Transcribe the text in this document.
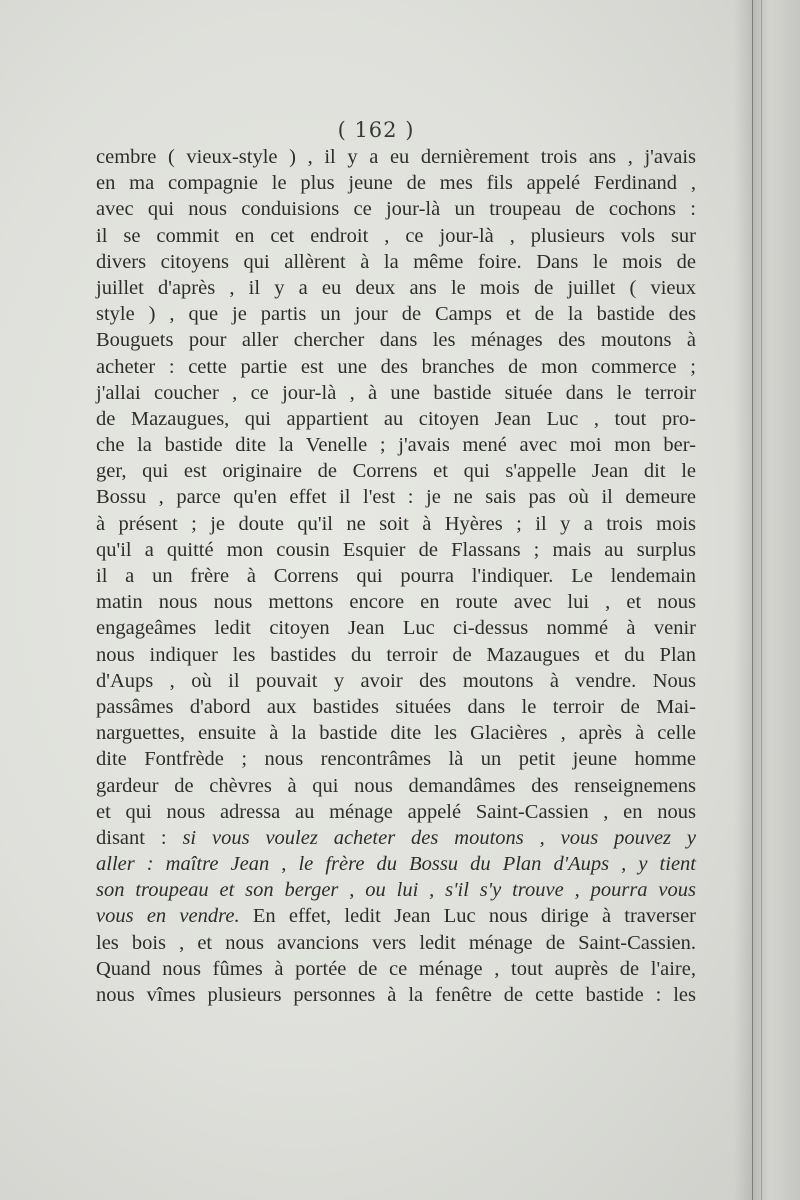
( 162 )
cembre ( vieux-style ) , il y a eu dernièrement trois ans , j'avais
en ma compagnie le plus jeune de mes fils appelé Ferdinand ,
avec qui nous conduisions ce jour-là un troupeau de cochons :
il se commit en cet endroit , ce jour-là , plusieurs vols sur
divers citoyens qui allèrent à la même foire. Dans le mois de
juillet d'après , il y a eu deux ans le mois de juillet ( vieux
style ) , que je partis un jour de Camps et de la bastide des
Bouguets pour aller chercher dans les ménages des moutons à
acheter : cette partie est une des branches de mon commerce ;
j'allai coucher , ce jour-là , à une bastide située dans le terroir
de Mazaugues, qui appartient au citoyen Jean Luc , tout pro-
che la bastide dite la Venelle ; j'avais mené avec moi mon ber-
ger, qui est originaire de Correns et qui s'appelle Jean dit le
Bossu , parce qu'en effet il l'est : je ne sais pas où il demeure
à présent ; je doute qu'il ne soit à Hyères ; il y a trois mois
qu'il a quitté mon cousin Esquier de Flassans ; mais au surplus
il a un frère à Correns qui pourra l'indiquer. Le lendemain
matin nous nous mettons encore en route avec lui , et nous
engageâmes ledit citoyen Jean Luc ci-dessus nommé à venir
nous indiquer les bastides du terroir de Mazaugues et du Plan
d'Aups , où il pouvait y avoir des moutons à vendre. Nous
passâmes d'abord aux bastides situées dans le terroir de Mai-
narguettes, ensuite à la bastide dite les Glacières , après à celle
dite Fontfrède ; nous rencontrâmes là un petit jeune homme
gardeur de chèvres à qui nous demandâmes des renseignemens
et qui nous adressa au ménage appelé Saint-Cassien , en nous
disant : si vous voulez acheter des moutons , vous pouvez y
aller : maître Jean , le frère du Bossu du Plan d'Aups , y tient
son troupeau et son berger , ou lui , s'il s'y trouve , pourra vous
vous en vendre. En effet, ledit Jean Luc nous dirige à traverser
les bois , et nous avancions vers ledit ménage de Saint-Cassien.
Quand nous fûmes à portée de ce ménage , tout auprès de l'aire,
nous vîmes plusieurs personnes à la fenêtre de cette bastide : les
